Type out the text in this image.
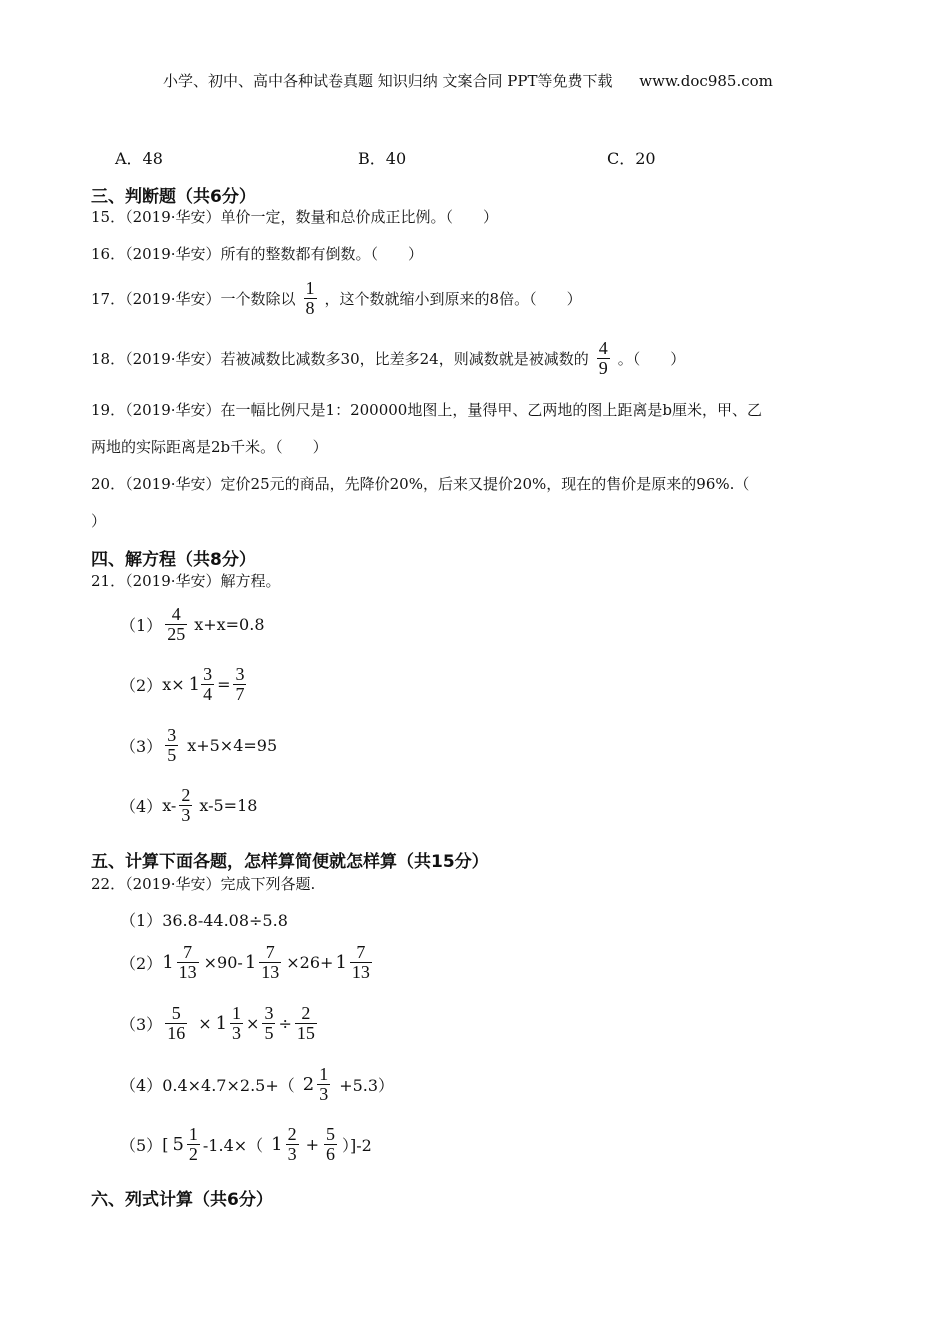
小学、初中、高中各种试卷真题 知识归纳 文案合同 PPT等免费下载 www.doc985.com
A．48	B．40	C．20
三、判断题（共6分）
15．（2019·华安）单价一定，数量和总价成正比例。（　　）
16．（2019·华安）所有的整数都有倒数。（　　）
17．（2019·华安）一个数除以 $\frac{1}{8}$ ，这个数就缩小到原来的8倍。（　　）
18．（2019·华安）若被减数比减数多30，比差多24，则减数就是被减数的 $\frac{4}{9}$ 。（　　）
19．（2019·华安）在一幅比例尺是1：200000地图上，量得甲、乙两地的图上距离是b厘米，甲、乙
两地的实际距离是2b千米。（　　）
20．（2019·华安）定价25元的商品，先降价20%，后来又提价20%，现在的售价是原来的96%.（
）
四、解方程（共8分）
21．（2019·华安）解方程。
$(1) \frac{4}{25} x+x=0.8$
（2） $x\times 1 \frac{3}{4} = \frac{3}{7}$
$(3) \frac{3}{5} x+5\times 4=95$
（4） $x- \frac{2}{3} x-5=18$
五、计算下面各题，怎样算简便就怎样算（共15分）
22．（2019·华安）完成下列各题.
（1）36.8-44.08÷5.8
（2） $1 \frac{7}{13} \times 90-$ $1 \frac{7}{13} \times 26+ 1 \frac{7}{13}$
$(3) \frac{5}{16} \times 1 \frac{1}{3} \times \frac{3}{5} \div \frac{2}{15}$
（4） 0.4×4.7×2.5+（ $2 \frac{1}{3} +5.3$）
（5） [ $5 \frac{1}{2} -1.4\times$（ $1 \frac{2}{3} + \frac{5}{6} )]-2$
六、列式计算（共6分）
